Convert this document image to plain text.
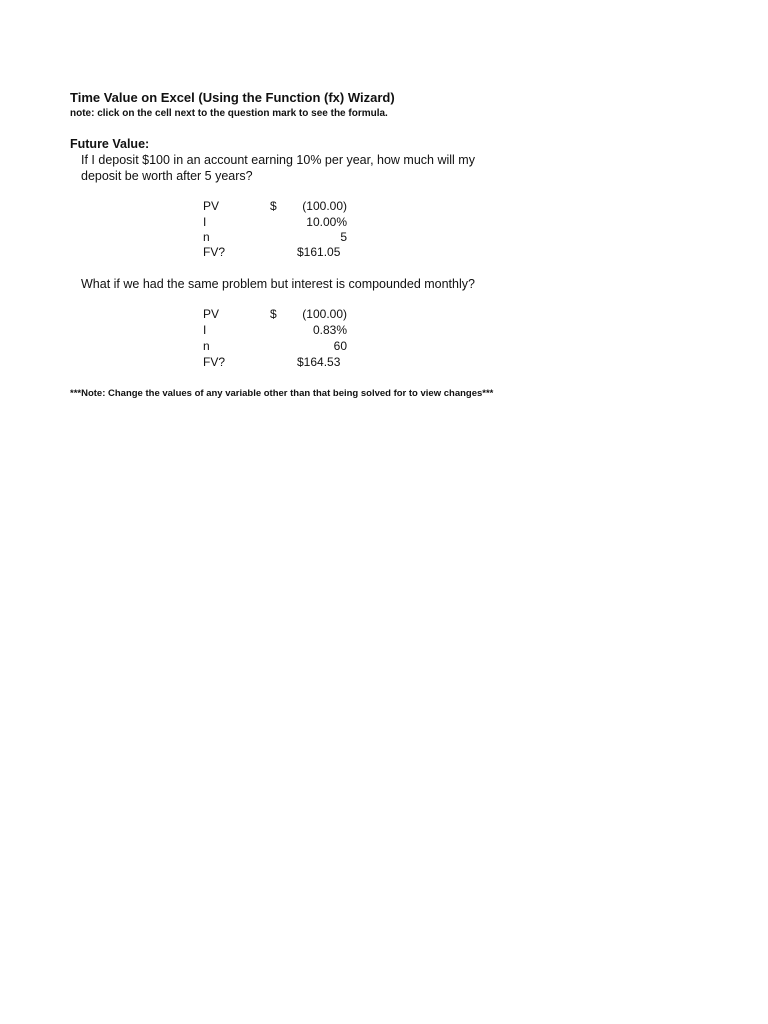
Time Value on Excel (Using the Function (fx) Wizard)
note: click on the cell next to the question mark to see the formula.
Future Value:
If I deposit $100 in an account earning 10% per year, how much will my
deposit be worth after 5 years?
PV	$ (100.00)
I	10.00%
n	5
FV?	$161.05
What if we had the same problem but interest is compounded monthly?
PV	$ (100.00)
I	0.83%
n	60
FV?	$164.53
***Note: Change the values of any variable other than that being solved for to view changes***
